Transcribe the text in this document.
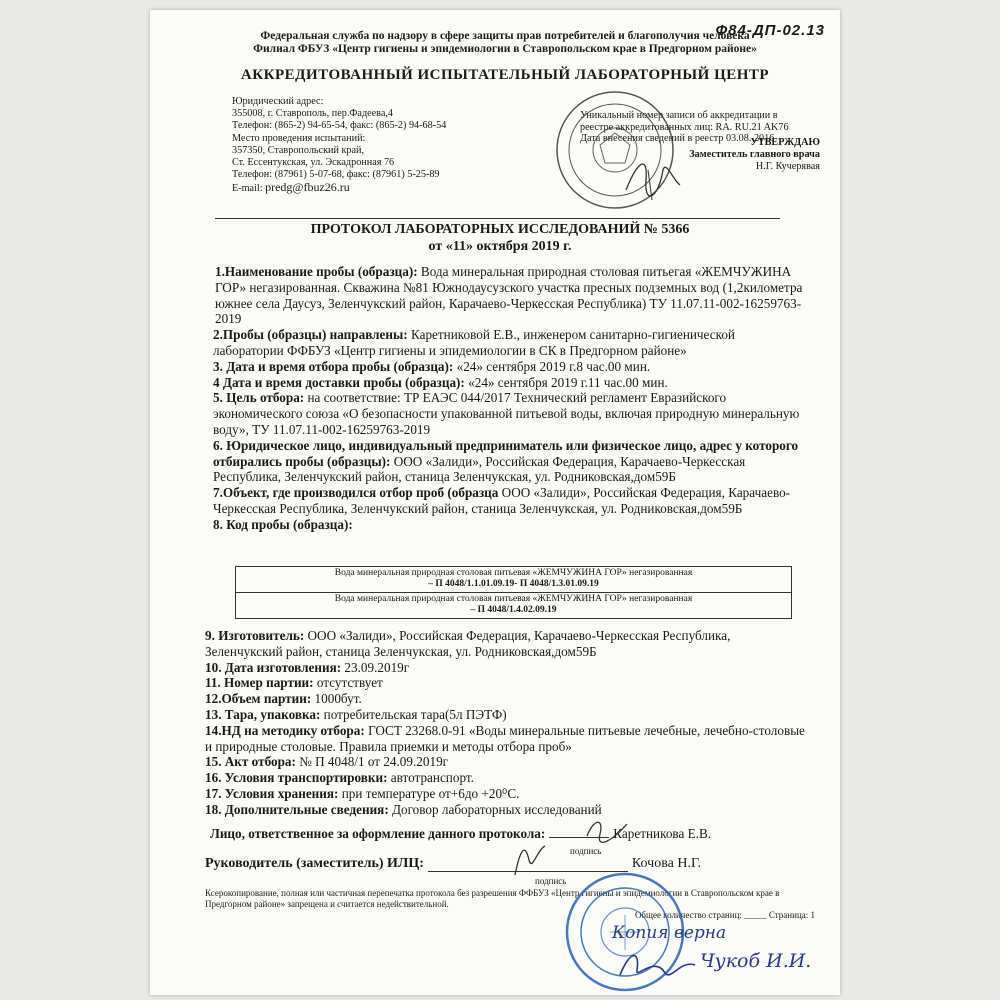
Ф84-ДП-02.13
Федеральная служба по надзору в сфере защиты прав потребителей и благополучия человека
Филиал ФБУЗ «Центр гигиены и эпидемиологии в Ставропольском крае в Предгорном районе»
АККРЕДИТОВАННЫЙ ИСПЫТАТЕЛЬНЫЙ ЛАБОРАТОРНЫЙ ЦЕНТР
Юридический адрес:
355008, г. Ставрополь, пер.Фадеева,4
Телефон: (865-2) 94-65-54, факс: (865-2) 94-68-54
Место проведения испытаний:
357350, Ставропольский край,
Ст. Ессентукская, ул. Эскадронная 76
Телефон: (87961) 5-07-68, факс: (87961) 5-25-89
E-mail: predg@fbuz26.ru
Уникальный номер записи об аккредитации в
реестре аккредитованных лиц: RA. RU.21 AK76
Дата внесения сведений в реестр 03.08. 2016
УТВЕРЖДАЮ
Заместитель главного врача
Н.Г. Кучерявая
ПРОТОКОЛ ЛАБОРАТОРНЫХ ИССЛЕДОВАНИЙ № 5366
от «11» октября 2019 г.
1.Наименование пробы (образца): Вода минеральная природная столовая питьегая «ЖЕМЧУЖИНА ГОР» негазированная. Скважина №81 Южнодаусузского участка пресных подземных вод (1,2километра южнее села Даусуз, Зеленчукский район, Карачаево-Черкесская Республика) ТУ 11.07.11-002-16259763-2019
2.Пробы (образцы) направлены: Каретниковой Е.В., инженером санитарно-гигиенической лаборатории ФФБУЗ «Центр гигиены и эпидемиологии в СК в Предгорном районе»
3. Дата и время отбора пробы (образца): «24» сентября 2019 г.8 час.00 мин.
4 Дата и время доставки пробы (образца): «24» сентября 2019 г.11 час.00 мин.
5. Цель отбора: на соответствие: ТР ЕАЭС 044/2017 Технический регламент Евразийского экономического союза «О безопасности упакованной питьевой воды, включая природную минеральную воду», ТУ 11.07.11-002-16259763-2019
6. Юридическое лицо, индивидуальный предприниматель или физическое лицо, адрес у которого отбирались пробы (образцы): ООО «Залиди», Российская Федерация, Карачаево-Черкесская Республика, Зеленчукский район, станица Зеленчукская, ул. Родниковская,дом59Б
7.Объект, где производился отбор проб (образца ООО «Залиди», Российская Федерация, Карачаево-Черкесская Республика, Зеленчукский район, станица Зеленчукская, ул. Родниковская,дом59Б
8. Код пробы (образца):
Вода минеральная природная столовая питьевая «ЖЕМЧУЖИНА ГОР» негазированная
– П 4048/1.1.01.09.19- П 4048/1.3.01.09.19
Вода минеральная природная столовая питьевая «ЖЕМЧУЖИНА ГОР» негазированная
– П 4048/1.4.02.09.19
9. Изготовитель: ООО «Залиди», Российская Федерация, Карачаево-Черкесская Республика, Зеленчукский район, станица Зеленчукская, ул. Родниковская,дом59Б
10. Дата изготовления: 23.09.2019г
11. Номер партии: отсутствует
12.Объем партии: 1000бут.
13. Тара, упаковка: потребительская тара(5л ПЭТФ)
14.НД на методику отбора: ГОСТ 23268.0-91 «Воды минеральные питьевые лечебные, лечебно-столовые и природные столовые. Правила приемки и методы отбора проб»
15. Акт отбора: № П 4048/1 от 24.09.2019г
16. Условия транспортировки: автотранспорт.
17. Условия хранения: при температуре от+6до +20⁰С.
18. Дополнительные сведения: Договор лабораторных исследований
Лицо, ответственное за оформление данного протокола:	Каретникова Е.В.
подпись
Руководитель (заместитель) ИЛЦ:	Кочова Н.Г.
подпись
Ксерокопирование, полная или частичная перепечатка протокола без разрешения ФФБУЗ «Центр гигиены и эпидемиологии в Ставропольском крае в Предгорном районе» запрещена и считается недействительной.
Общее количество страниц: _____ Страница: 1
Копия верна
Чукоб И.И.
